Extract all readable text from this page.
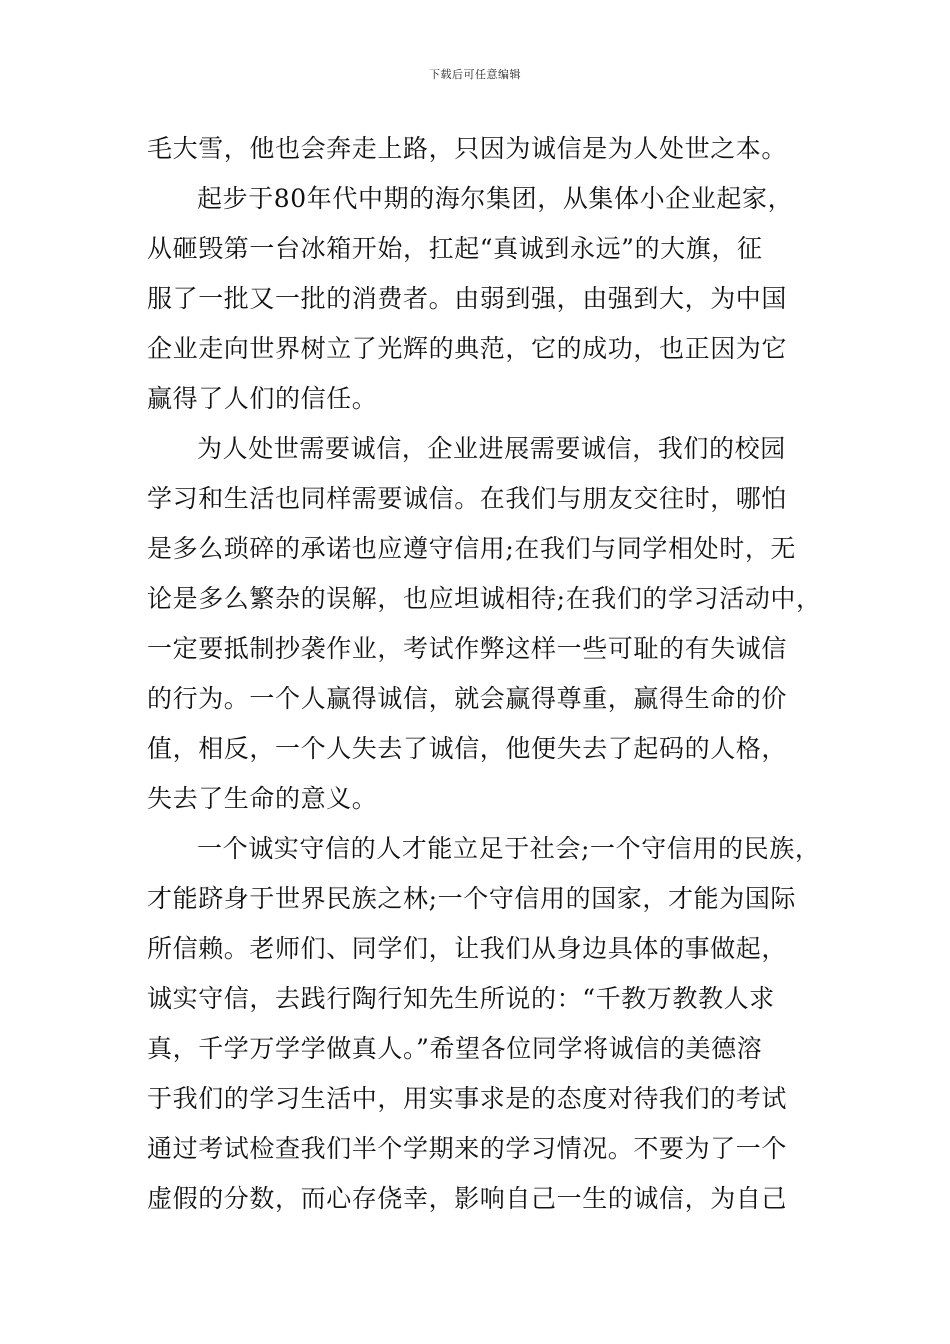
下载后可任意编辑
毛大雪，他也会奔走上路，只因为诚信是为人处世之本。
起步于80年代中期的海尔集团，从集体小企业起家，
从砸毁第一台冰箱开始，扛起“真诚到永远”的大旗，征
服了一批又一批的消费者。由弱到强，由强到大，为中国
企业走向世界树立了光辉的典范，它的成功，也正因为它
赢得了人们的信任。
为人处世需要诚信，企业进展需要诚信，我们的校园
学习和生活也同样需要诚信。在我们与朋友交往时，哪怕
是多么琐碎的承诺也应遵守信用;在我们与同学相处时，无
论是多么繁杂的误解，也应坦诚相待;在我们的学习活动中，
一定要抵制抄袭作业，考试作弊这样一些可耻的有失诚信
的行为。一个人赢得诚信，就会赢得尊重，赢得生命的价
值，相反，一个人失去了诚信，他便失去了起码的人格，
失去了生命的意义。
一个诚实守信的人才能立足于社会;一个守信用的民族，
才能跻身于世界民族之林;一个守信用的国家，才能为国际
所信赖。老师们、同学们，让我们从身边具体的事做起，
诚实守信，去践行陶行知先生所说的：“千教万教教人求
真，千学万学学做真人。”希望各位同学将诚信的美德溶
于我们的学习生活中，用实事求是的态度对待我们的考试
通过考试检查我们半个学期来的学习情况。不要为了一个
虚假的分数，而心存侥幸，影响自己一生的诚信，为自己
